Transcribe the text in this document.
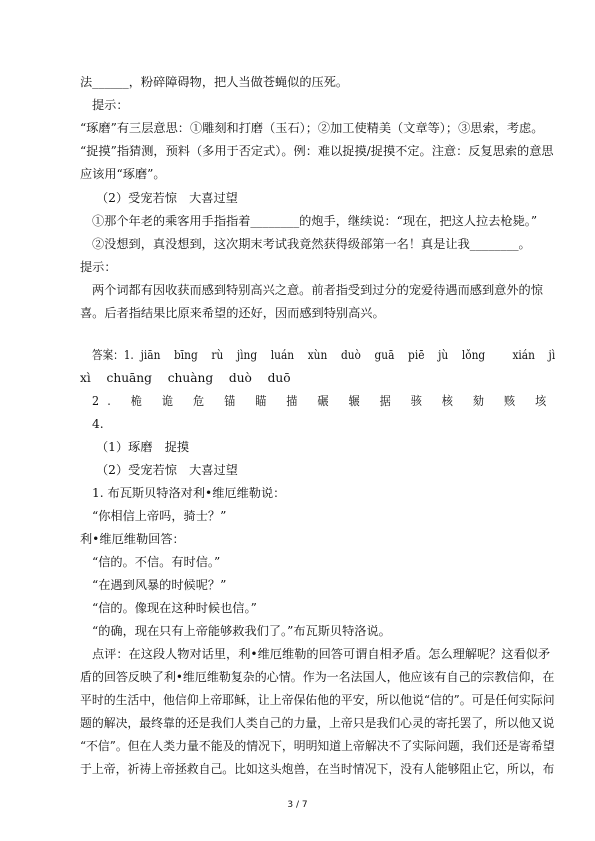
法______，粉碎障碍物，把人当做苍蝇似的压死。
提示：
“琢磨”有三层意思：①雕刻和打磨（玉石）；②加工使精美（文章等）；③思索，考虑。
“捉摸”指猜测，预料（多用于否定式）。例：难以捉摸/捉摸不定。注意：反复思索的意思
应该用“琢磨”。
（2）受宠若惊　大喜过望
①那个年老的乘客用手指指着________的炮手，继续说：“现在，把这人拉去枪毙。”
②没想到，真没想到，这次期末考试我竟然获得级部第一名！真是让我________。
提示：
两个词都有因收获而感到特别高兴之意。前者指受到过分的宠爱待遇而感到意外的惊
喜。后者指结果比原来希望的还好，因而感到特别高兴。
答案：1. jiān  bīng  rù  jìng  luán  xùn  duò  guā  piē  jù  lǒng    xián  jì
xì  chuāng  chuàng  duò  duō
2. 桅 诡 危 锚 瞄 描 碾 辗 据 骇 核 劾 赅 垓
4.
（1）琢磨　捉摸
（2）受宠若惊　大喜过望
1. 布瓦斯贝特洛对利•维厄维勒说：
“你相信上帝吗，骑士？”
利•维厄维勒回答：
“信的。不信。有时信。”
“在遇到风暴的时候呢？”
“信的。像现在这种时候也信。”
“的确，现在只有上帝能够救我们了。”布瓦斯贝特洛说。
点评：在这段人物对话里，利•维厄维勒的回答可谓自相矛盾。怎么理解呢？这看似矛
盾的回答反映了利•维厄维勒复杂的心情。作为一名法国人，他应该有自己的宗教信仰，在
平时的生活中，他信仰上帝耶稣，让上帝保佑他的平安，所以他说“信的”。可是任何实际问
题的解决，最终靠的还是我们人类自己的力量，上帝只是我们心灵的寄托罢了，所以他又说
“不信”。但在人类力量不能及的情况下，明明知道上帝解决不了实际问题，我们还是寄希望
于上帝，祈祷上帝拯救自己。比如这头炮兽，在当时情况下，没有人能够阻止它，所以，布
3 / 7
